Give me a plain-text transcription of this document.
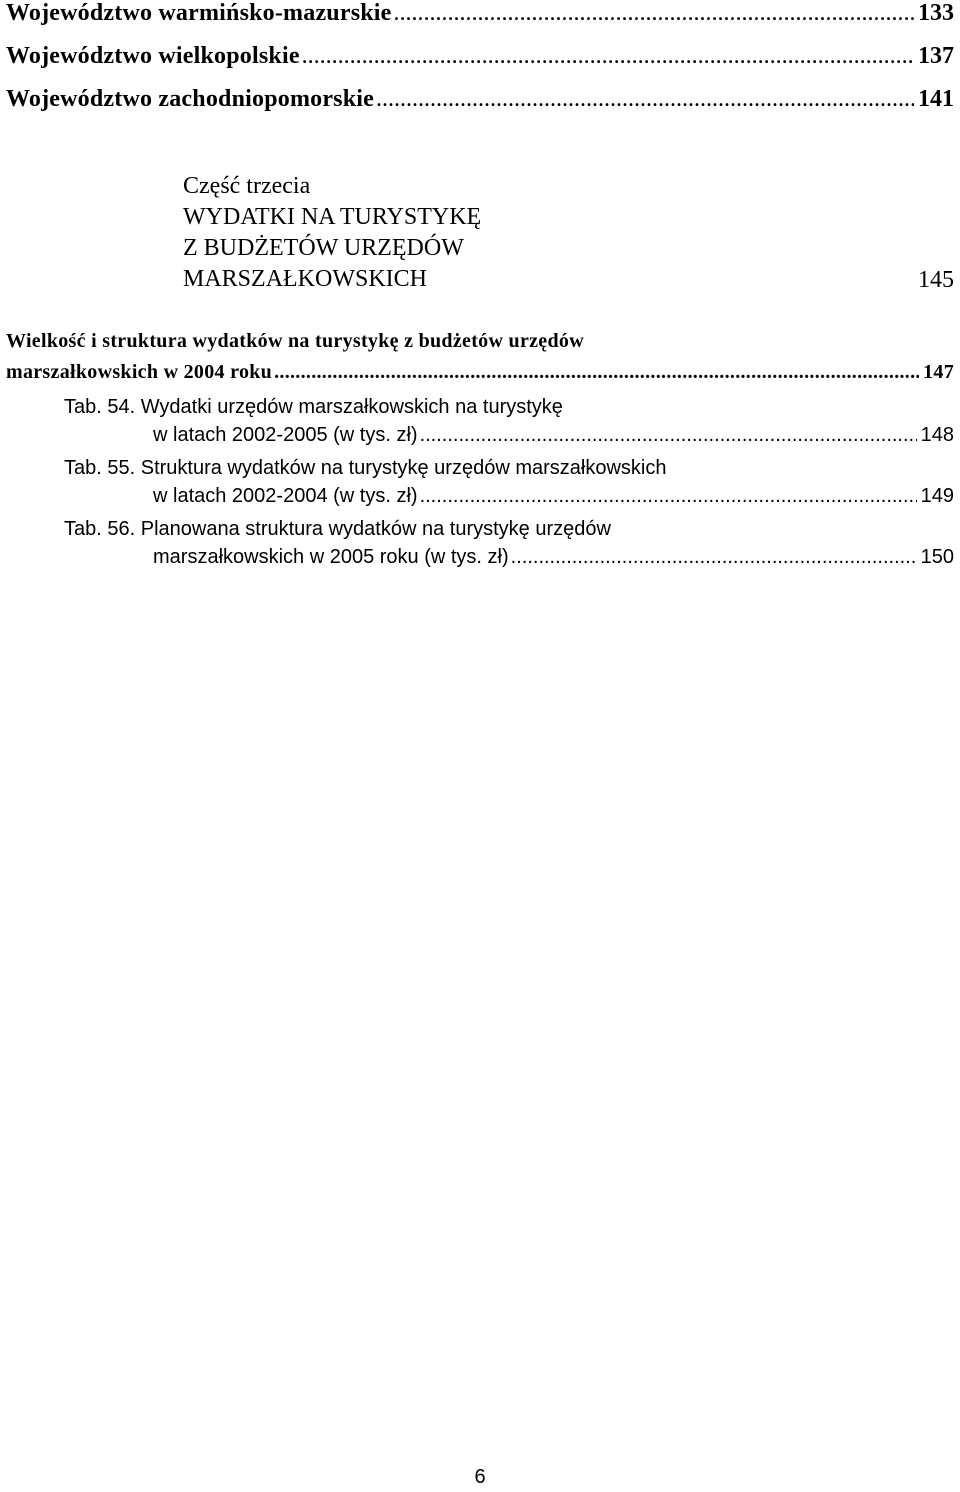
Województwo warmińsko-mazurskie .....	133
Województwo wielkopolskie .....	137
Województwo zachodniopomorskie .....	141
Część trzecia
WYDATKI NA TURYSTYKĘ
Z BUDŻETÓW URZĘDÓW
MARSZAŁKOWSKICH	145
Wielkość i struktura wydatków na turystykę z budżetów urzędów
marszałkowskich w 2004 roku .....	147
Tab. 54. Wydatki urzędów marszałkowskich na turystykę
w latach 2002-2005 (w tys. zł) .....	148
Tab. 55. Struktura wydatków na turystykę urzędów marszałkowskich
w latach 2002-2004 (w tys. zł) .....	149
Tab. 56. Planowana struktura wydatków na turystykę urzędów
marszałkowskich w 2005 roku (w tys. zł) .....	150
6
